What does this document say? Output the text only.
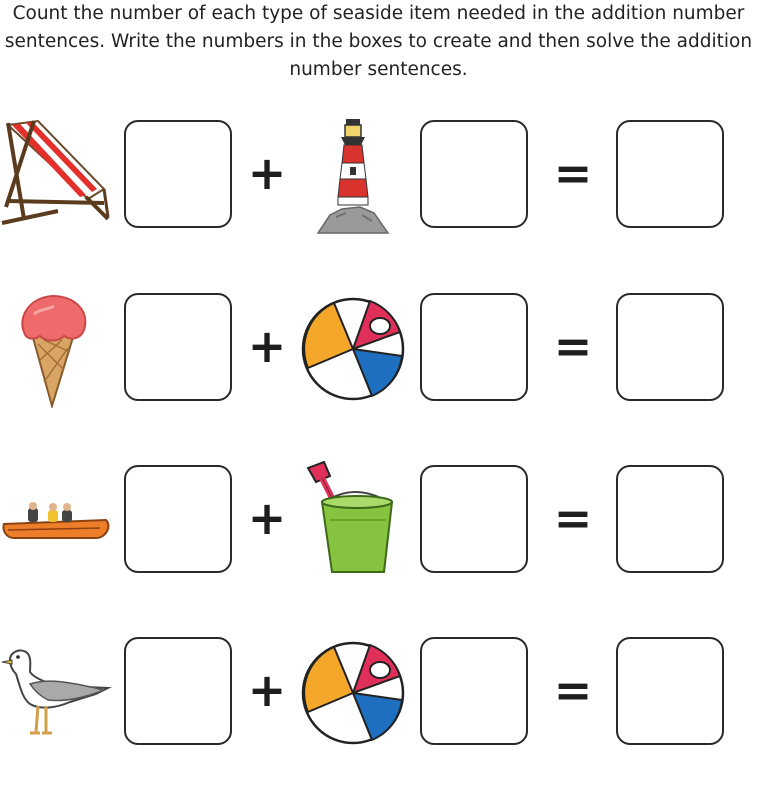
Count the number of each type of seaside item needed in the addition number sentences. Write the numbers in the boxes to create and then solve the addition number sentences.
+	=
+	=
+	=
+	=
